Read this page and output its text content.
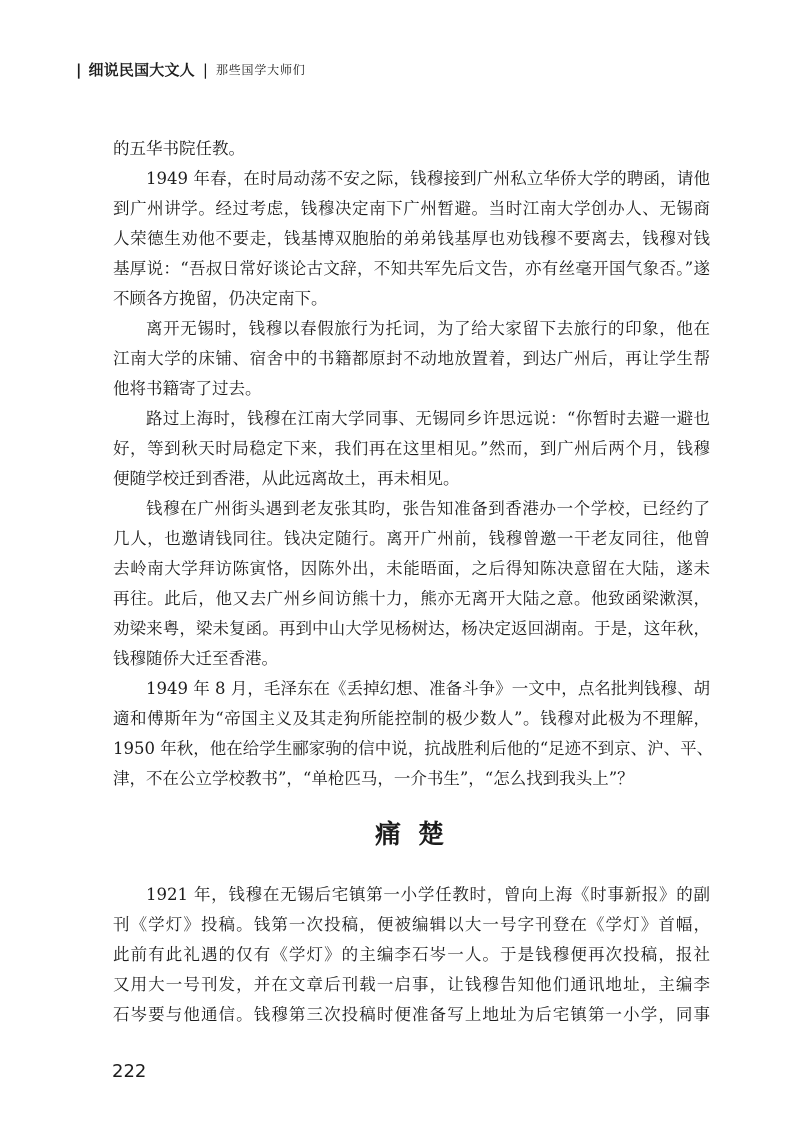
| 细说民国大文人 | 那些国学大师们
的五华书院任教。
1949 年春，在时局动荡不安之际，钱穆接到广州私立华侨大学的聘函，请他
到广州讲学。经过考虑，钱穆决定南下广州暂避。当时江南大学创办人、无锡商
人荣德生劝他不要走，钱基博双胞胎的弟弟钱基厚也劝钱穆不要离去，钱穆对钱
基厚说：“吾叔日常好谈论古文辞，不知共军先后文告，亦有丝毫开国气象否。”遂
不顾各方挽留，仍决定南下。
离开无锡时，钱穆以春假旅行为托词，为了给大家留下去旅行的印象，他在
江南大学的床铺、宿舍中的书籍都原封不动地放置着，到达广州后，再让学生帮
他将书籍寄了过去。
路过上海时，钱穆在江南大学同事、无锡同乡许思远说：“你暂时去避一避也
好，等到秋天时局稳定下来，我们再在这里相见。”然而，到广州后两个月，钱穆
便随学校迁到香港，从此远离故土，再未相见。
钱穆在广州街头遇到老友张其昀，张告知准备到香港办一个学校，已经约了
几人，也邀请钱同往。钱决定随行。离开广州前，钱穆曾邀一干老友同往，他曾
去岭南大学拜访陈寅恪，因陈外出，未能晤面，之后得知陈决意留在大陆，遂未
再往。此后，他又去广州乡间访熊十力，熊亦无离开大陆之意。他致函梁漱溟，
劝梁来粤，梁未复函。再到中山大学见杨树达，杨决定返回湖南。于是，这年秋，
钱穆随侨大迁至香港。
1949 年 8 月，毛泽东在《丢掉幻想、准备斗争》一文中，点名批判钱穆、胡
適和傅斯年为“帝国主义及其走狗所能控制的极少数人”。钱穆对此极为不理解，
1950 年秋，他在给学生郦家驹的信中说，抗战胜利后他的“足迹不到京、沪、平、
津，不在公立学校教书”，“单枪匹马，一介书生”，“怎么找到我头上”？
痛 楚
1921 年，钱穆在无锡后宅镇第一小学任教时，曾向上海《时事新报》的副
刊《学灯》投稿。钱第一次投稿，便被编辑以大一号字刊登在《学灯》首幅，
此前有此礼遇的仅有《学灯》的主编李石岑一人。于是钱穆便再次投稿，报社
又用大一号刊发，并在文章后刊载一启事，让钱穆告知他们通讯地址，主编李
石岑要与他通信。钱穆第三次投稿时便准备写上地址为后宅镇第一小学，同事
222
